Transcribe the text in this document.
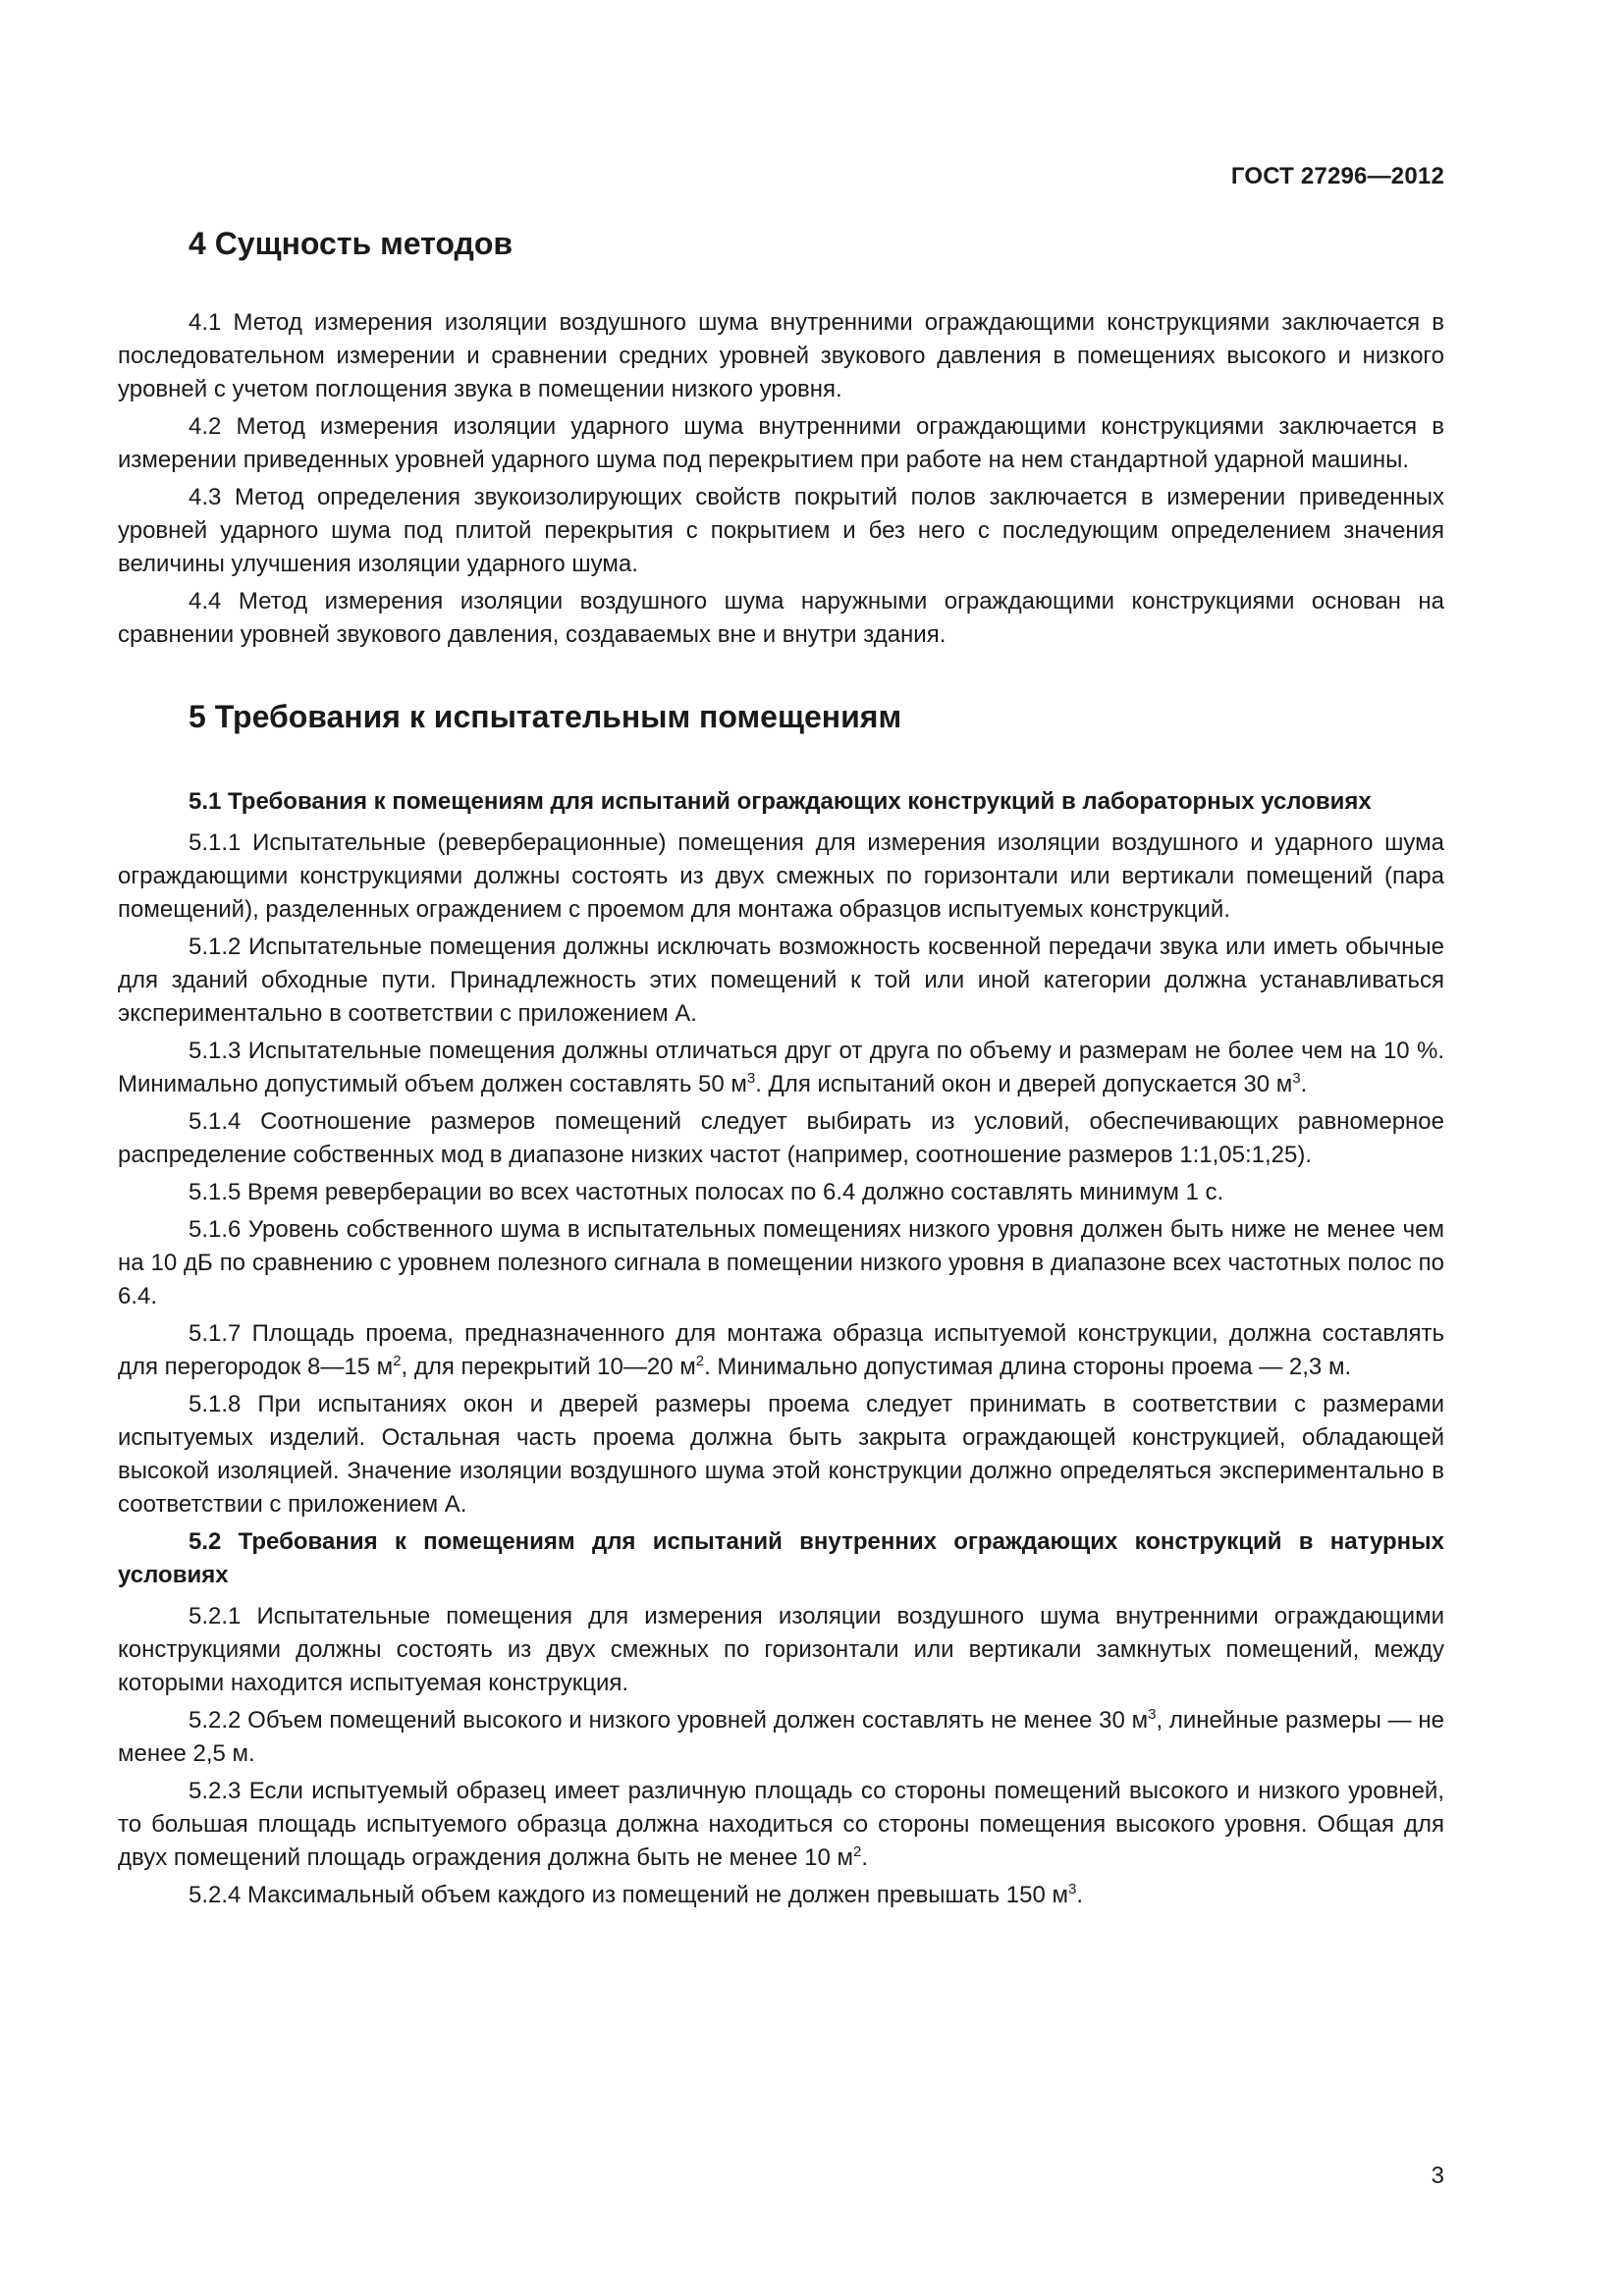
ГОСТ 27296—2012
4 Сущность методов

4.1 Метод измерения изоляции воздушного шума внутренними ограждающими конструкциями заключается в последовательном измерении и сравнении средних уровней звукового давления в помещениях высокого и низкого уровней с учетом поглощения звука в помещении низкого уровня.

4.2 Метод измерения изоляции ударного шума внутренними ограждающими конструкциями заключается в измерении приведенных уровней ударного шума под перекрытием при работе на нем стандартной ударной машины.

4.3 Метод определения звукоизолирующих свойств покрытий полов заключается в измерении приведенных уровней ударного шума под плитой перекрытия с покрытием и без него с последующим определением значения величины улучшения изоляции ударного шума.

4.4 Метод измерения изоляции воздушного шума наружными ограждающими конструкциями основан на сравнении уровней звукового давления, создаваемых вне и внутри здания.

5 Требования к испытательным помещениям
5.1 Требования к помещениям для испытаний ограждающих конструкций в лабораторных условиях

5.1.1 Испытательные (реверберационные) помещения для измерения изоляции воздушного и ударного шума ограждающими конструкциями должны состоять из двух смежных по горизонтали или вертикали помещений (пара помещений), разделенных ограждением с проемом для монтажа образцов испытуемых конструкций.

5.1.2 Испытательные помещения должны исключать возможность косвенной передачи звука или иметь обычные для зданий обходные пути. Принадлежность этих помещений к той или иной категории должна устанавливаться экспериментально в соответствии с приложением А.

5.1.3 Испытательные помещения должны отличаться друг от друга по объему и размерам не более чем на 10 %. Минимально допустимый объем должен составлять 50 $м^3$. Для испытаний окон и дверей допускается 30 $м^3$.

5.1.4 Соотношение размеров помещений следует выбирать из условий, обеспечивающих равномерное распределение собственных мод в диапазоне низких частот (например, соотношение размеров 1:1,05:1,25).

5.1.5 Время реверберации во всех частотных полосах по 6.4 должно составлять минимум 1 с.

5.1.6 Уровень собственного шума в испытательных помещениях низкого уровня должен быть ниже не менее чем на 10 дБ по сравнению с уровнем полезного сигнала в помещении низкого уровня в диапазоне всех частотных полос по 6.4.

5.1.7 Площадь проема, предназначенного для монтажа образца испытуемой конструкции, должна составлять для перегородок 8—15 $м^2$, для перекрытий 10—20 $м^2$. Минимально допустимая длина стороны проема — 2,3 м.

5.1.8 При испытаниях окон и дверей размеры проема следует принимать в соответствии с размерами испытуемых изделий. Остальная часть проема должна быть закрыта ограждающей конструкцией, обладающей высокой изоляцией. Значение изоляции воздушного шума этой конструкции должно определяться экспериментально в соответствии с приложением А.

5.2 Требования к помещениям для испытаний внутренних ограждающих конструкций в натурных условиях

5.2.1 Испытательные помещения для измерения изоляции воздушного шума внутренними ограждающими конструкциями должны состоять из двух смежных по горизонтали или вертикали замкнутых помещений, между которыми находится испытуемая конструкция.

5.2.2 Объем помещений высокого и низкого уровней должен составлять не менее 30 $м^3$, линейные размеры — не менее 2,5 м.

5.2.3 Если испытуемый образец имеет различную площадь со стороны помещений высокого и низкого уровней, то большая площадь испытуемого образца должна находиться со стороны помещения высокого уровня. Общая для двух помещений площадь ограждения должна быть не менее 10 $м^2$.

5.2.4 Максимальный объем каждого из помещений не должен превышать 150 $м^3$.

3
